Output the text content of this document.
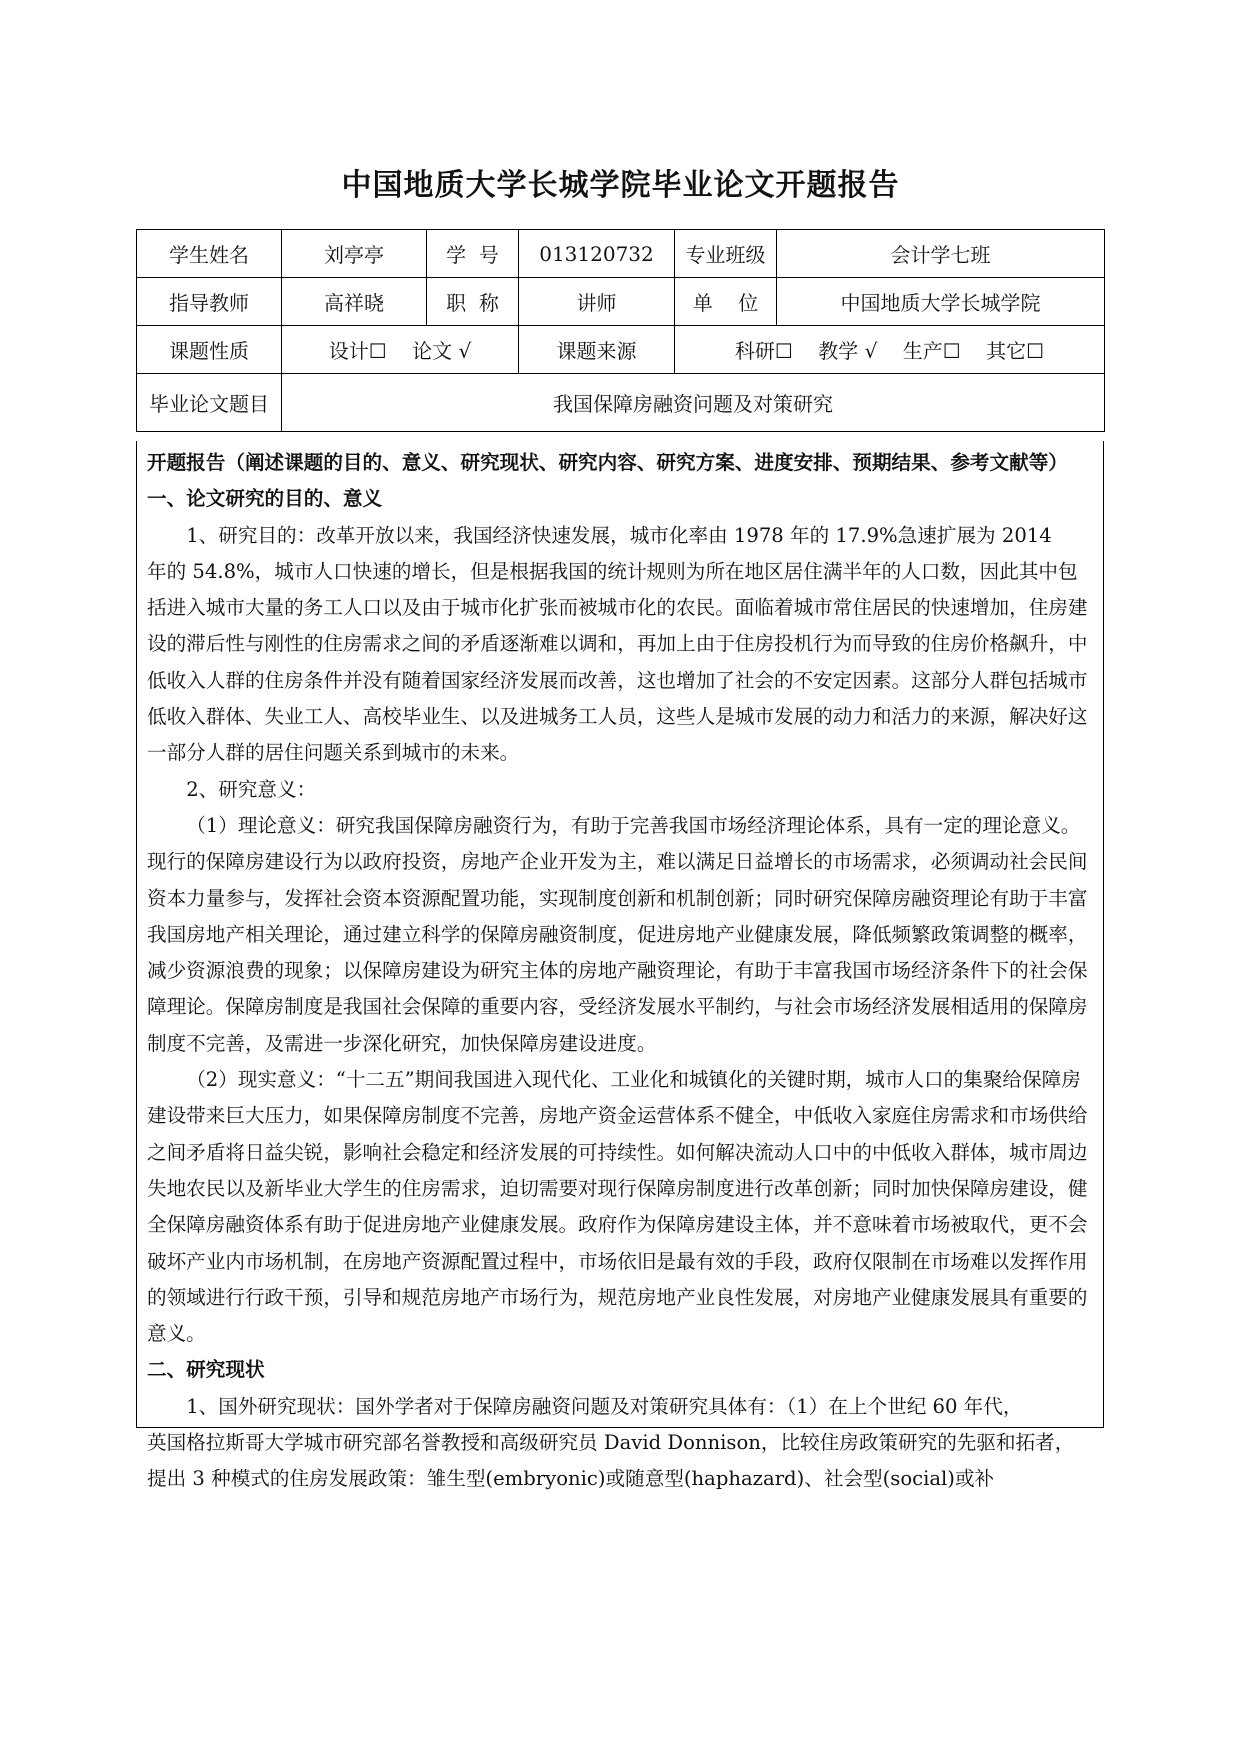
中国地质大学长城学院毕业论文开题报告
学生姓名	刘亭亭	学  号	013120732	专业班级	会计学七班
指导教师	高祥晓	职  称	讲师	单    位	中国地质大学长城学院
课题性质	设计☐    论文 √		课题来源	科研☐    教学 √    生产☐    其它☐	
毕业论文题目	我国保障房融资问题及对策研究				

开题报告（阐述课题的目的、意义、研究现状、研究内容、研究方案、进度安排、预期结果、参考文献等）

一、论文研究的目的、意义

1、研究目的：改革开放以来，我国经济快速发展，城市化率由 1978 年的 17.9%急速扩展为 2014

年的 54.8%，城市人口快速的增长，但是根据我国的统计规则为所在地区居住满半年的人口数，因此其中包括进入城市大量的务工人口以及由于城市化扩张而被城市化的农民。面临着城市常住居民的快速增加，住房建设的滞后性与刚性的住房需求之间的矛盾逐渐难以调和，再加上由于住房投机行为而导致的住房价格飙升，中低收入人群的住房条件并没有随着国家经济发展而改善，这也增加了社会的不安定因素。这部分人群包括城市低收入群体、失业工人、高校毕业生、以及进城务工人员，这些人是城市发展的动力和活力的来源，解决好这一部分人群的居住问题关系到城市的未来。

2、研究意义：

（1）理论意义：研究我国保障房融资行为，有助于完善我国市场经济理论体系，具有一定的理论意义。现行的保障房建设行为以政府投资，房地产企业开发为主，难以满足日益增长的市场需求，必须调动社会民间资本力量参与，发挥社会资本资源配置功能，实现制度创新和机制创新；同时研究保障房融资理论有助于丰富我国房地产相关理论，通过建立科学的保障房融资制度，促进房地产业健康发展，降低频繁政策调整的概率，减少资源浪费的现象；以保障房建设为研究主体的房地产融资理论，有助于丰富我国市场经济条件下的社会保障理论。保障房制度是我国社会保障的重要内容，受经济发展水平制约，与社会市场经济发展相适用的保障房制度不完善，及需进一步深化研究，加快保障房建设进度。

（2）现实意义：“十二五”期间我国进入现代化、工业化和城镇化的关键时期，城市人口的集聚给保障房建设带来巨大压力，如果保障房制度不完善，房地产资金运营体系不健全，中低收入家庭住房需求和市场供给之间矛盾将日益尖锐，影响社会稳定和经济发展的可持续性。如何解决流动人口中的中低收入群体，城市周边失地农民以及新毕业大学生的住房需求，迫切需要对现行保障房制度进行改革创新；同时加快保障房建设，健全保障房融资体系有助于促进房地产业健康发展。政府作为保障房建设主体，并不意味着市场被取代，更不会破坏产业内市场机制，在房地产资源配置过程中，市场依旧是最有效的手段，政府仅限制在市场难以发挥作用的领域进行行政干预，引导和规范房地产市场行为，规范房地产业良性发展，对房地产业健康发展具有重要的意义。

二、研究现状

1、国外研究现状：国外学者对于保障房融资问题及对策研究具体有：（1）在上个世纪 60 年代，

英国格拉斯哥大学城市研究部名誉教授和高级研究员 David Donnison，比较住房政策研究的先驱和拓者，提出 3 种模式的住房发展政策：雏生型(embryonic)或随意型(haphazard)、社会型(social)或补
